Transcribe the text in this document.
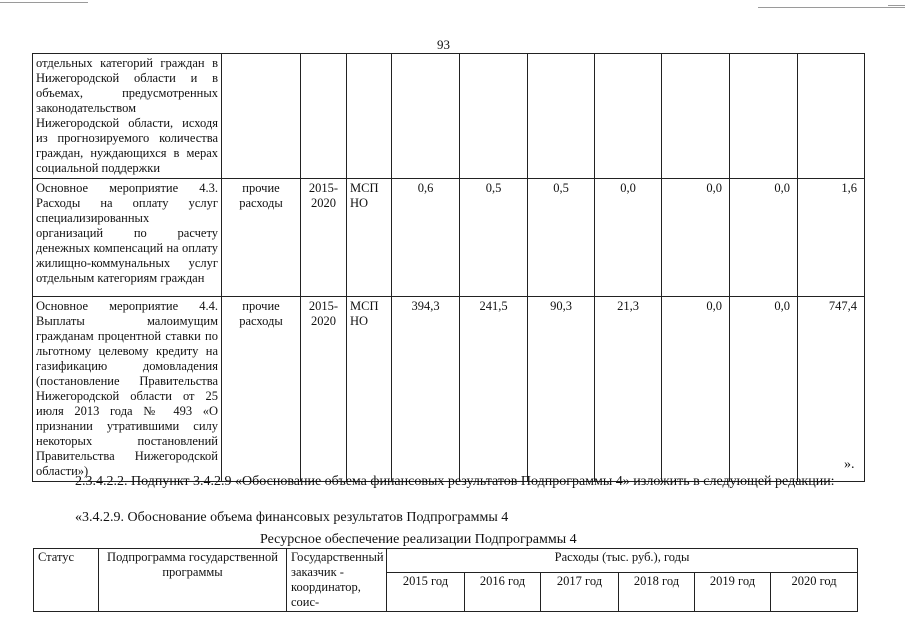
93
отдельных категорий граждан в Нижегородской области и в объемах, предусмотренных законодательством Нижегородской области, исходя из прогнозируемого количества граждан, нуждающихся в мерах социальной поддержки										
Основное мероприятие 4.3. Расходы на оплату услуг специализированных организаций по расчету денежных компенсаций на оплату жилищно-коммунальных услуг отдельным категориям граждан	прочие расходы	2015-2020	МСП НО	0,6	0,5	0,5	0,0	0,0	0,0	1,6
Основное мероприятие 4.4. Выплаты малоимущим гражданам процентной ставки по льготному целевому кредиту на газификацию домовладения (постановление Правительства Нижегородской области от 25 июля 2013 года № 493 «О признании утратившими силу некоторых постановлений Правительства Нижегородской области»)	прочие расходы	2015-2020	МСП НО	394,3	241,5	90,3	21,3	0,0	0,0	747,4
».
2.3.4.2.2. Подпункт 3.4.2.9 «Обоснование объема финансовых результатов Подпрограммы 4» изложить в следующей редакции:
«3.4.2.9. Обоснование объема финансовых результатов Подпрограммы 4
Ресурсное обеспечение реализации Подпрограммы 4
Статус	Подпрограмма государственной программы	Государственный заказчик - координатор, соис-	Расходы (тыс. руб.), годы					
			2015 год	2016 год	2017 год	2018 год	2019 год	2020 год
